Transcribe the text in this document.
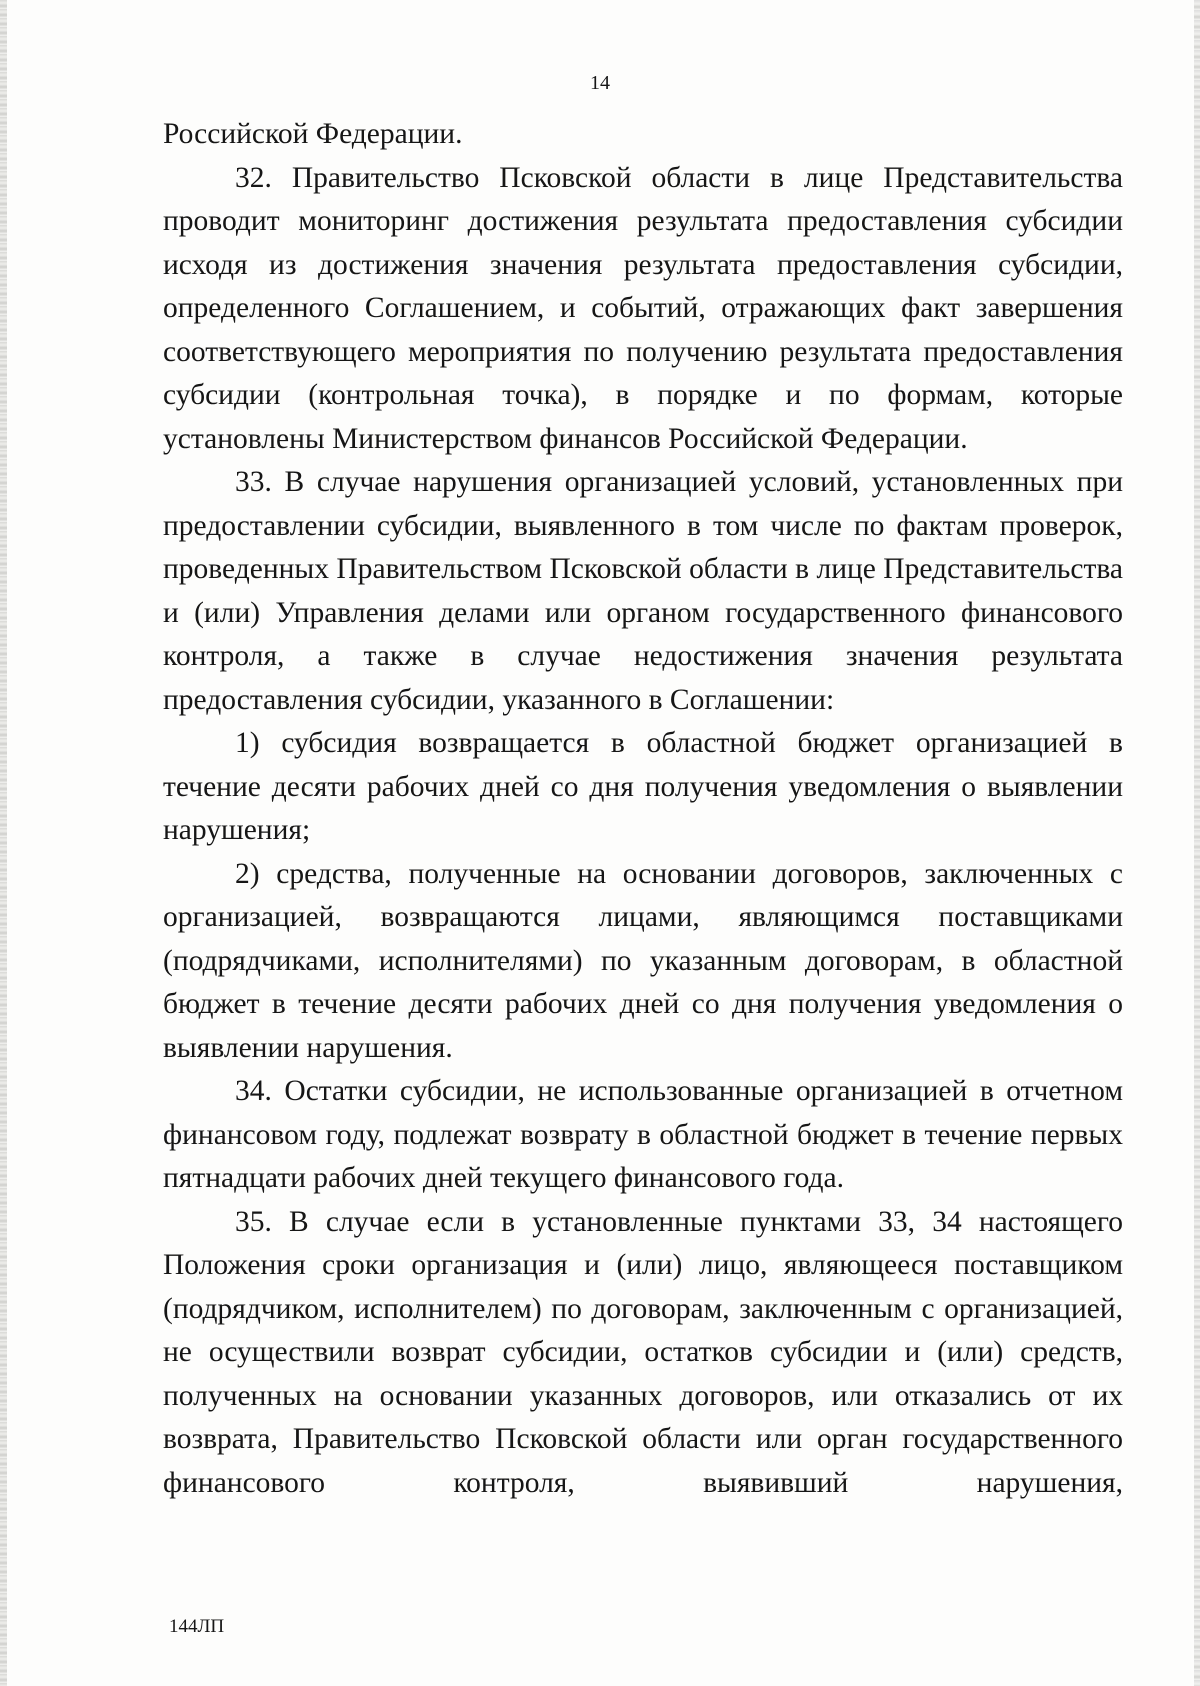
14

Российской Федерации.

32. Правительство Псковской области в лице Представительства проводит мониторинг достижения результата предоставления субсидии исходя из достижения значения результата предоставления субсидии, определенного Соглашением, и событий, отражающих факт завершения соответствующего мероприятия по получению результата предоставления субсидии (контрольная точка), в порядке и по формам, которые установлены Министерством финансов Российской Федерации.

33. В случае нарушения организацией условий, установленных при предоставлении субсидии, выявленного в том числе по фактам проверок, проведенных Правительством Псковской области в лице Представительства и (или) Управления делами или органом государственного финансового контроля, а также в случае недостижения значения результата предоставления субсидии, указанного в Соглашении:

1) субсидия возвращается в областной бюджет организацией в течение десяти рабочих дней со дня получения уведомления о выявлении нарушения;

2) средства, полученные на основании договоров, заключенных с организацией, возвращаются лицами, являющимся поставщиками (подрядчиками, исполнителями) по указанным договорам, в областной бюджет в течение десяти рабочих дней со дня получения уведомления о выявлении нарушения.

34. Остатки субсидии, не использованные организацией в отчетном финансовом году, подлежат возврату в областной бюджет в течение первых пятнадцати рабочих дней текущего финансового года.

35. В случае если в установленные пунктами 33, 34 настоящего Положения сроки организация и (или) лицо, являющееся поставщиком (подрядчиком, исполнителем) по договорам, заключенным с организацией, не осуществили возврат субсидии, остатков субсидии и (или) средств, полученных на основании указанных договоров, или отказались от их возврата, Правительство Псковской области или орган государственного финансового контроля, выявивший нарушения,

144ЛП
